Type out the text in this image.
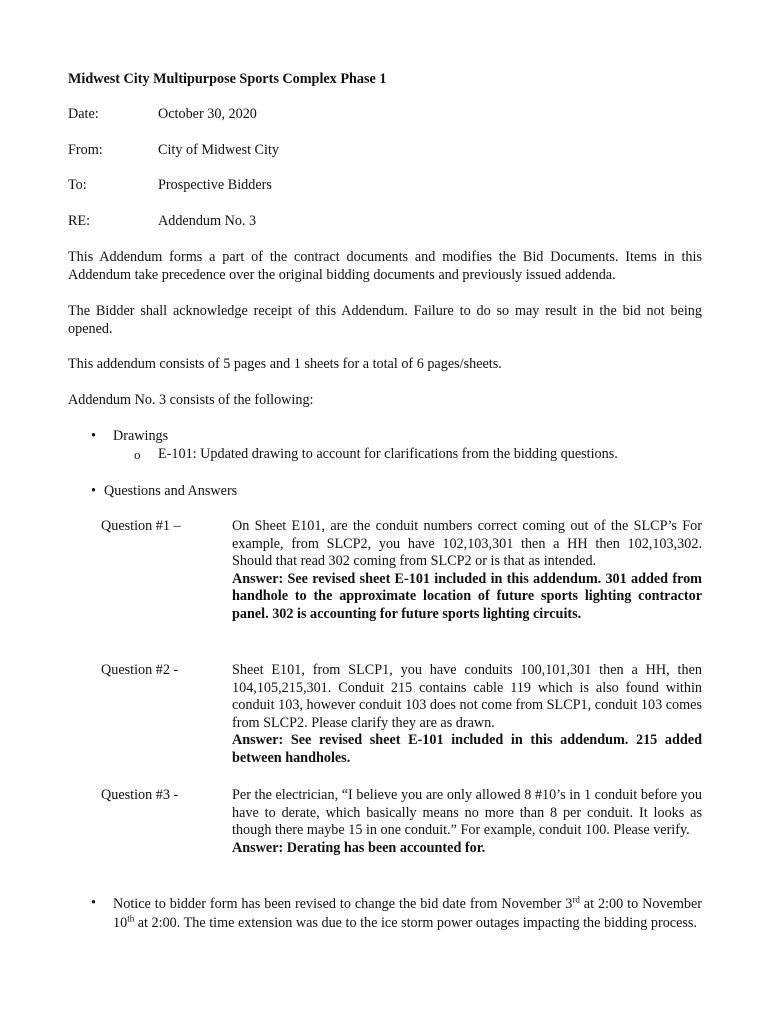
Midwest City Multipurpose Sports Complex Phase 1
Date:	October 30, 2020
From:	City of Midwest City
To:	Prospective Bidders
RE:	Addendum No. 3
This Addendum forms a part of the contract documents and modifies the Bid Documents. Items in this Addendum take precedence over the original bidding documents and previously issued addenda.
The Bidder shall acknowledge receipt of this Addendum. Failure to do so may result in the bid not being opened.
This addendum consists of 5 pages and 1 sheets for a total of 6 pages/sheets.
Addendum No. 3 consists of the following:
• Drawings
o E-101: Updated drawing to account for clarifications from the bidding questions.
• Questions and Answers
Question #1 –	On Sheet E101, are the conduit numbers correct coming out of the SLCP’s For example, from SLCP2, you have 102,103,301 then a HH then 102,103,302. Should that read 302 coming from SLCP2 or is that as intended.
Answer: See revised sheet E-101 included in this addendum. 301 added from handhole to the approximate location of future sports lighting contractor panel. 302 is accounting for future sports lighting circuits.
Question #2 -	Sheet E101, from SLCP1, you have conduits 100,101,301 then a HH, then 104,105,215,301. Conduit 215 contains cable 119 which is also found within conduit 103, however conduit 103 does not come from SLCP1, conduit 103 comes from SLCP2. Please clarify they are as drawn.
Answer: See revised sheet E-101 included in this addendum. 215 added between handholes.
Question #3 -	Per the electrician, “I believe you are only allowed 8 #10’s in 1 conduit before you have to derate, which basically means no more than 8 per conduit. It looks as though there maybe 15 in one conduit.” For example, conduit 100. Please verify.
Answer: Derating has been accounted for.
• Notice to bidder form has been revised to change the bid date from November 3rd at 2:00 to November 10th at 2:00. The time extension was due to the ice storm power outages impacting the bidding process.
